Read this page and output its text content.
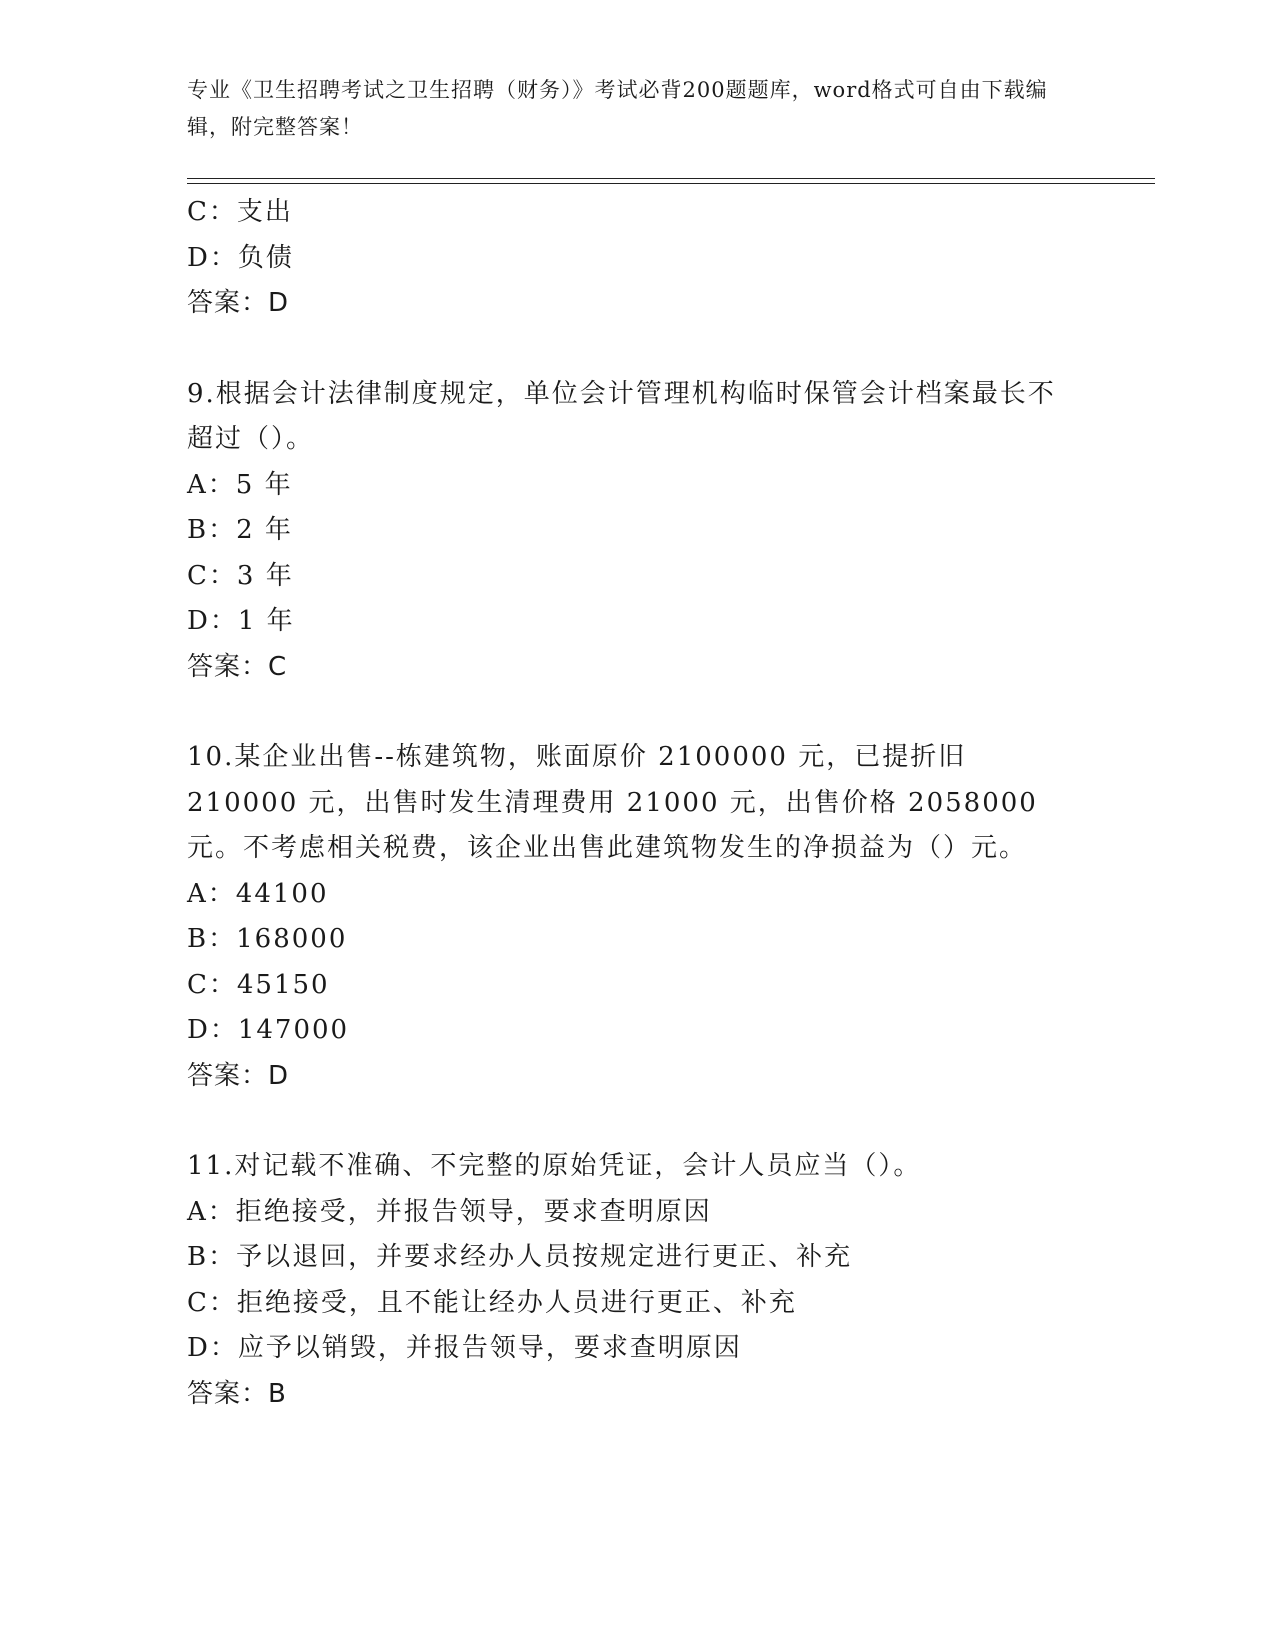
专业《卫生招聘考试之卫生招聘（财务）》考试必背200题题库，word格式可自由下载编辑，附完整答案！
C：支出
D：负债
答案：D
9.根据会计法律制度规定，单位会计管理机构临时保管会计档案最长不超过（）。
A：5 年
B：2 年
C：3 年
D：1 年
答案：C
10.某企业出售--栋建筑物，账面原价 2100000 元，已提折旧 210000 元，出售时发生清理费用 21000 元，出售价格 2058000 元。不考虑相关税费，该企业出售此建筑物发生的净损益为（）元。
A：44100
B：168000
C：45150
D：147000
答案：D
11.对记载不准确、不完整的原始凭证，会计人员应当（）。
A：拒绝接受，并报告领导，要求查明原因
B：予以退回，并要求经办人员按规定进行更正、补充
C：拒绝接受，且不能让经办人员进行更正、补充
D：应予以销毁，并报告领导，要求查明原因
答案：B
